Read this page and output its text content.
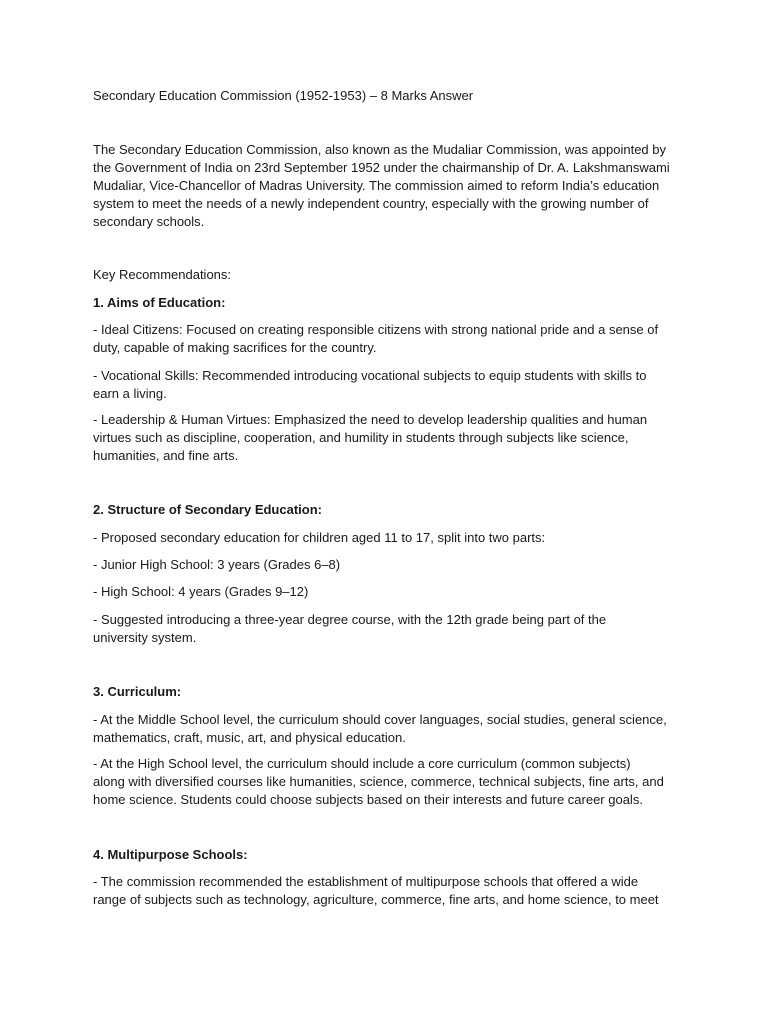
Secondary Education Commission (1952-1953) – 8 Marks Answer
The Secondary Education Commission, also known as the Mudaliar Commission, was appointed by
the Government of India on 23rd September 1952 under the chairmanship of Dr. A. Lakshmanswami
Mudaliar, Vice-Chancellor of Madras University. The commission aimed to reform India’s education
system to meet the needs of a newly independent country, especially with the growing number of
secondary schools.
Key Recommendations:
1. Aims of Education:
- Ideal Citizens: Focused on creating responsible citizens with strong national pride and a sense of
duty, capable of making sacrifices for the country.
- Vocational Skills: Recommended introducing vocational subjects to equip students with skills to
earn a living.
- Leadership & Human Virtues: Emphasized the need to develop leadership qualities and human
virtues such as discipline, cooperation, and humility in students through subjects like science,
humanities, and fine arts.
2. Structure of Secondary Education:
- Proposed secondary education for children aged 11 to 17, split into two parts:
- Junior High School: 3 years (Grades 6–8)
- High School: 4 years (Grades 9–12)
- Suggested introducing a three-year degree course, with the 12th grade being part of the
university system.
3. Curriculum:
- At the Middle School level, the curriculum should cover languages, social studies, general science,
mathematics, craft, music, art, and physical education.
- At the High School level, the curriculum should include a core curriculum (common subjects)
along with diversified courses like humanities, science, commerce, technical subjects, fine arts, and
home science. Students could choose subjects based on their interests and future career goals.
4. Multipurpose Schools:
- The commission recommended the establishment of multipurpose schools that offered a wide
range of subjects such as technology, agriculture, commerce, fine arts, and home science, to meet
